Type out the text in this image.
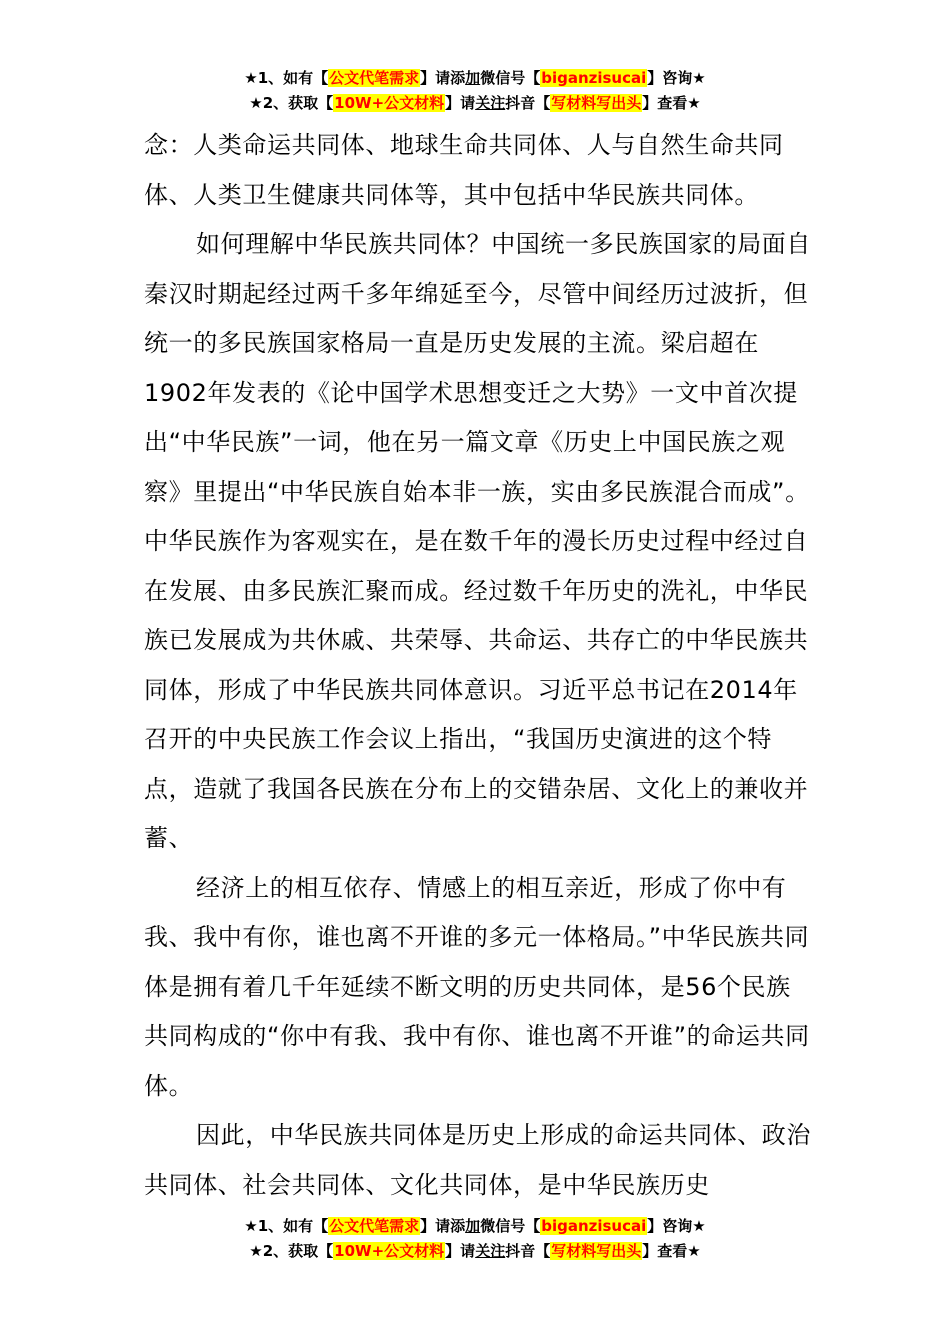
★1、如有【公文代笔需求】请添加微信号【biganzisucai】咨询★
★2、获取【10W+公文材料】请关注抖音【写材料写出头】查看★

念：人类命运共同体、地球生命共同体、人与自然生命共同体、人类卫生健康共同体等，其中包括中华民族共同体。

如何理解中华民族共同体？中国统一多民族国家的局面自秦汉时期起经过两千多年绵延至今，尽管中间经历过波折，但统一的多民族国家格局一直是历史发展的主流。梁启超在1902年发表的《论中国学术思想变迁之大势》一文中首次提出“中华民族”一词，他在另一篇文章《历史上中国民族之观察》里提出“中华民族自始本非一族，实由多民族混合而成”。中华民族作为客观实在，是在数千年的漫长历史过程中经过自在发展、由多民族汇聚而成。经过数千年历史的洗礼，中华民族已发展成为共休戚、共荣辱、共命运、共存亡的中华民族共同体，形成了中华民族共同体意识。习近平总书记在2014年召开的中央民族工作会议上指出，“我国历史演进的这个特点，造就了我国各民族在分布上的交错杂居、文化上的兼收并蓄、

经济上的相互依存、情感上的相互亲近，形成了你中有我、我中有你，谁也离不开谁的多元一体格局。”中华民族共同体是拥有着几千年延续不断文明的历史共同体，是56个民族共同构成的“你中有我、我中有你、谁也离不开谁”的命运共同体。

因此，中华民族共同体是历史上形成的命运共同体、政治共同体、社会共同体、文化共同体，是中华民族历史

★1、如有【公文代笔需求】请添加微信号【biganzisucai】咨询★
★2、获取【10W+公文材料】请关注抖音【写材料写出头】查看★
